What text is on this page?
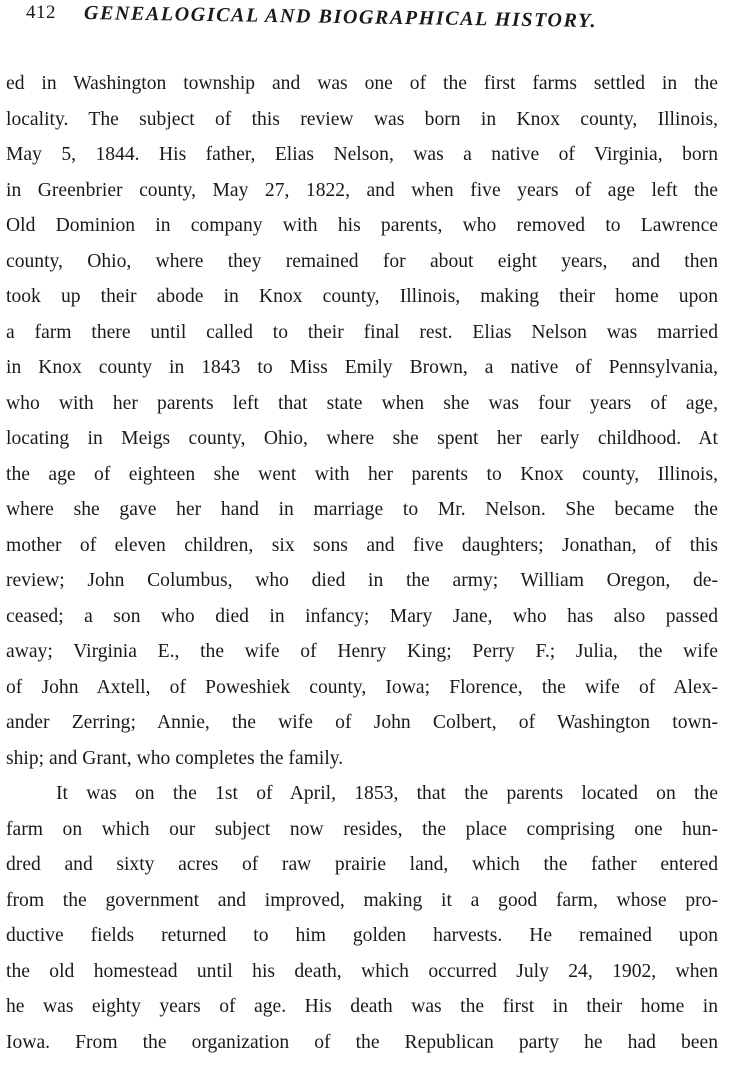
412 GENEALOGICAL AND BIOGRAPHICAL HISTORY.
ed in Washington township and was one of the first farms settled in the
locality. The subject of this review was born in Knox county, Illinois,
May 5, 1844. His father, Elias Nelson, was a native of Virginia, born
in Greenbrier county, May 27, 1822, and when five years of age left the
Old Dominion in company with his parents, who removed to Lawrence
county, Ohio, where they remained for about eight years, and then
took up their abode in Knox county, Illinois, making their home upon
a farm there until called to their final rest. Elias Nelson was married
in Knox county in 1843 to Miss Emily Brown, a native of Pennsylvania,
who with her parents left that state when she was four years of age,
locating in Meigs county, Ohio, where she spent her early childhood. At
the age of eighteen she went with her parents to Knox county, Illinois,
where she gave her hand in marriage to Mr. Nelson. She became the
mother of eleven children, six sons and five daughters; Jonathan, of this
review; John Columbus, who died in the army; William Oregon, de-
ceased; a son who died in infancy; Mary Jane, who has also passed
away; Virginia E., the wife of Henry King; Perry F.; Julia, the wife
of John Axtell, of Poweshiek county, Iowa; Florence, the wife of Alex-
ander Zerring; Annie, the wife of John Colbert, of Washington town-
ship; and Grant, who completes the family.
It was on the 1st of April, 1853, that the parents located on the
farm on which our subject now resides, the place comprising one hun-
dred and sixty acres of raw prairie land, which the father entered
from the government and improved, making it a good farm, whose pro-
ductive fields returned to him golden harvests. He remained upon
the old homestead until his death, which occurred July 24, 1902, when
he was eighty years of age. His death was the first in their home in
Iowa. From the organization of the Republican party he had been
